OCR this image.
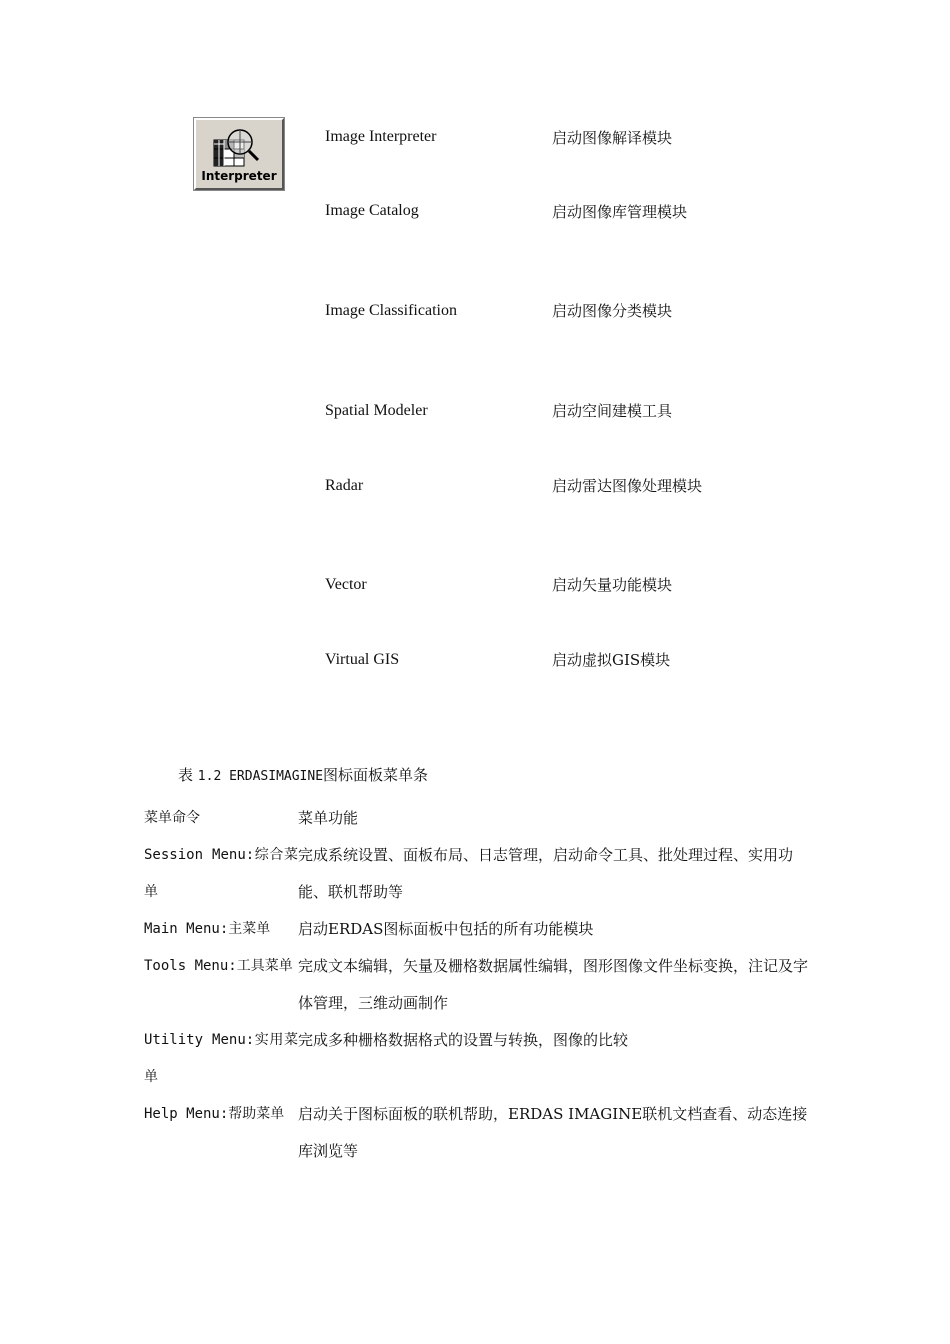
Interpreter
Image Interpreter	启动图像解译模块
Image Catalog	启动图像库管理模块
Image Classification	启动图像分类模块
Spatial Modeler	启动空间建模工具
Radar	启动雷达图像处理模块
Vector	启动矢量功能模块
Virtual GIS	启动虚拟GIS模块
表 1.2 ERDASIMAGINE图标面板菜单条
菜单命令	菜单功能

Session Menu:综合菜单	完成系统设置、面板布局、日志管理，启动命令工具、批处理过程、实用功能、联机帮助等
Main Menu:主菜单	启动ERDAS图标面板中包括的所有功能模块
Tools Menu:工具菜单	完成文本编辑，矢量及栅格数据属性编辑，图形图像文件坐标变换，注记及字体管理，三维动画制作
Utility Menu:实用菜单	完成多种栅格数据格式的设置与转换，图像的比较
Help Menu:帮助菜单	启动关于图标面板的联机帮助，ERDAS IMAGINE联机文档查看、动态连接库浏览等
